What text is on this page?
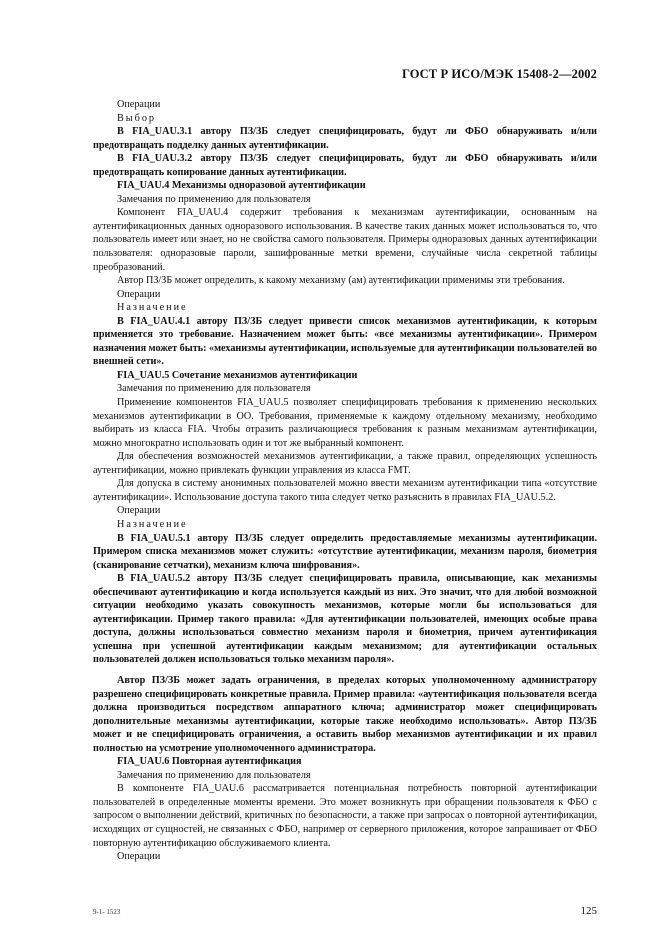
ГОСТ Р ИСО/МЭК 15408-2—2002

Операции

Выбор

В FIA_UAU.3.1 автору ПЗ/ЗБ следует специфицировать, будут ли ФБО обнаруживать и/или предотвращать подделку данных аутентификации.

В FIA_UAU.3.2 автору ПЗ/ЗБ следует специфицировать, будут ли ФБО обнаруживать и/или предотвращать копирование данных аутентификации.

FIA_UAU.4 Механизмы одноразовой аутентификации

Замечания по применению для пользователя

Компонент FIA_UAU.4 содержит требования к механизмам аутентификации, основанным на аутентификационных данных одноразового использования. В качестве таких данных может использоваться то, что пользователь имеет или знает, но не свойства самого пользователя. Примеры одноразовых данных аутентификации пользователя: одноразовые пароли, зашифрованные метки времени, случайные числа секретной таблицы преобразований.

Автор ПЗ/ЗБ может определить, к какому механизму (ам) аутентификации применимы эти требования.

Операции

Назначение

В FIA_UAU.4.1 автору ПЗ/ЗБ следует привести список механизмов аутентификации, к которым применяется это требование. Назначением может быть: «все механизмы аутентификации». Примером назначения может быть: «механизмы аутентификации, используемые для аутентификации пользователей во внешней сети».

FIA_UAU.5 Сочетание механизмов аутентификации

Замечания по применению для пользователя

Применение компонентов FIA_UAU.5 позволяет специфицировать требования к применению нескольких механизмов аутентификации в ОО. Требования, применяемые к каждому отдельному механизму, необходимо выбирать из класса FIA. Чтобы отразить различающиеся требования к разным механизмам аутентификации, можно многократно использовать один и тот же выбранный компонент.

Для обеспечения возможностей механизмов аутентификации, а также правил, определяющих успешность аутентификации, можно привлекать функции управления из класса FMT.

Для допуска в систему анонимных пользователей можно ввести механизм аутентификации типа «отсутствие аутентификации». Использование доступа такого типа следует четко разъяснить в правилах FIA_UAU.5.2.

Операции

Назначение

В FIA_UAU.5.1 автору ПЗ/ЗБ следует определить предоставляемые механизмы аутентификации. Примером списка механизмов может служить: «отсутствие аутентификации, механизм пароля, биометрия (сканирование сетчатки), механизм ключа шифрования».

В FIA_UAU.5.2 автору ПЗ/ЗБ следует специфицировать правила, описывающие, как механизмы обеспечивают аутентификацию и когда используется каждый из них. Это значит, что для любой возможной ситуации необходимо указать совокупность механизмов, которые могли бы использоваться для аутентификации. Пример такого правила: «Для аутентификации пользователей, имеющих особые права доступа, должны использоваться совместно механизм пароля и биометрия, причем аутентификация успешна при успешной аутентификации каждым механизмом; для аутентификации остальных пользователей должен использоваться только механизм пароля».

Автор ПЗ/ЗБ может задать ограничения, в пределах которых уполномоченному администратору разрешено специфицировать конкретные правила. Пример правила: «аутентификация пользователя всегда должна производиться посредством аппаратного ключа; администратор может специфицировать дополнительные механизмы аутентификации, которые также необходимо использовать». Автор ПЗ/ЗБ может и не специфицировать ограничения, а оставить выбор механизмов аутентификации и их правил полностью на усмотрение уполномоченного администратора.

FIA_UAU.6 Повторная аутентификация

Замечания по применению для пользователя

В компоненте FIA_UAU.6 рассматривается потенциальная потребность повторной аутентификации пользователей в определенные моменты времени. Это может возникнуть при обращении пользователя к ФБО с запросом о выполнении действий, критичных по безопасности, а также при запросах о повторной аутентификации, исходящих от сущностей, не связанных с ФБО, например от серверного приложения, которое запрашивает от ФБО повторную аутентификацию обслуживаемого клиента.

Операции

9-1- 1523	125
